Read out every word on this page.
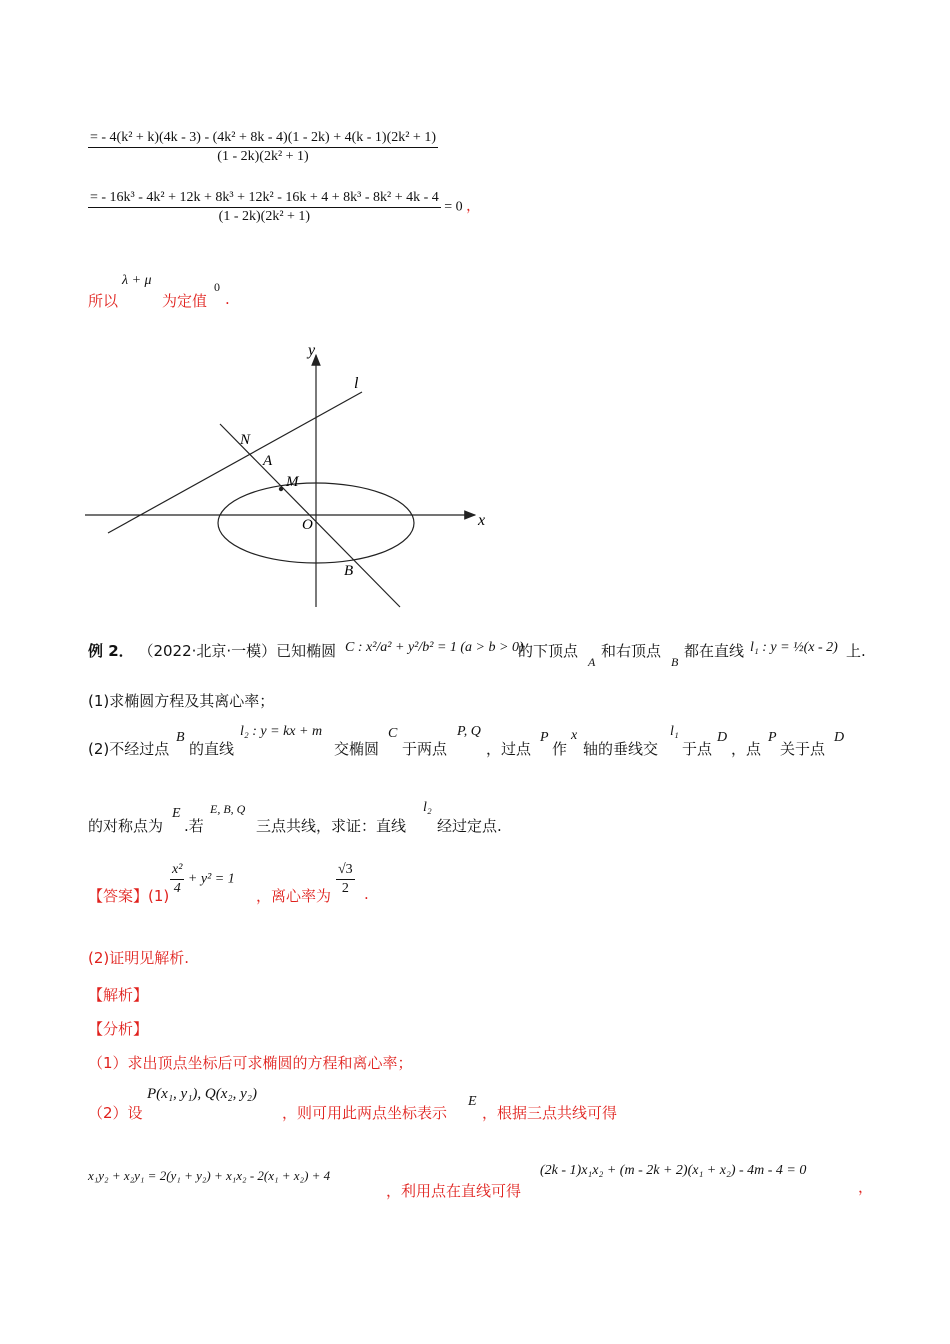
= - 4(k² + k)(4k - 3) - (4k² + 8k - 4)(1 - 2k) + 4(k - 1)(2k² + 1)
(1 - 2k)(2k² + 1)
= - 16k³ - 4k² + 12k + 8k³ + 12k² - 16k + 4 + 8k³ - 8k² + 4k - 4
(1 - 2k)(2k² + 1)
= 0 ，
所以
λ + μ
为定值
0
.
y
x
l
N
A
M
O
B
例 2． （2022·北京·一模）已知椭圆 C : x²/a² + y²/b² = 1 (a > b > 0)
的下顶点
A
和右顶点
B
都在直线 l₁ : y = ½(x - 2) 上.
(1)求椭圆方程及其离心率；
(2)不经过点
B
的直线
l₂ : y = kx + m
交椭圆
C
于两点
P, Q
，过点
P
作
x
轴的垂线交
l₁
于点
D
，点
P
关于点
D
的对称点为
E
.若
E, B, Q
三点共线，求证：直线
l₂
经过定点.
【答案】$(1) \frac{\text{x²}}{4} + y^2 = 1$
，离心率为 $\frac{√3}{2}$ .
(2)证明见解析.
【解析】
【分析】
（1）求出顶点坐标后可求椭圆的方程和离心率；
（2）设
P(x₁, y₁), Q(x₂, y₂)
，则可用此两点坐标表示
E
，根据三点共线可得
x₁y₂ + x₂y₁ = 2(y₁ + y₂) + x₁x₂ - 2(x₁ + x₂) + 4
，利用点在直线可得
(2k - 1)x₁x₂ + (m - 2k + 2)(x₁ + x₂) - 4m - 4 = 0
，
